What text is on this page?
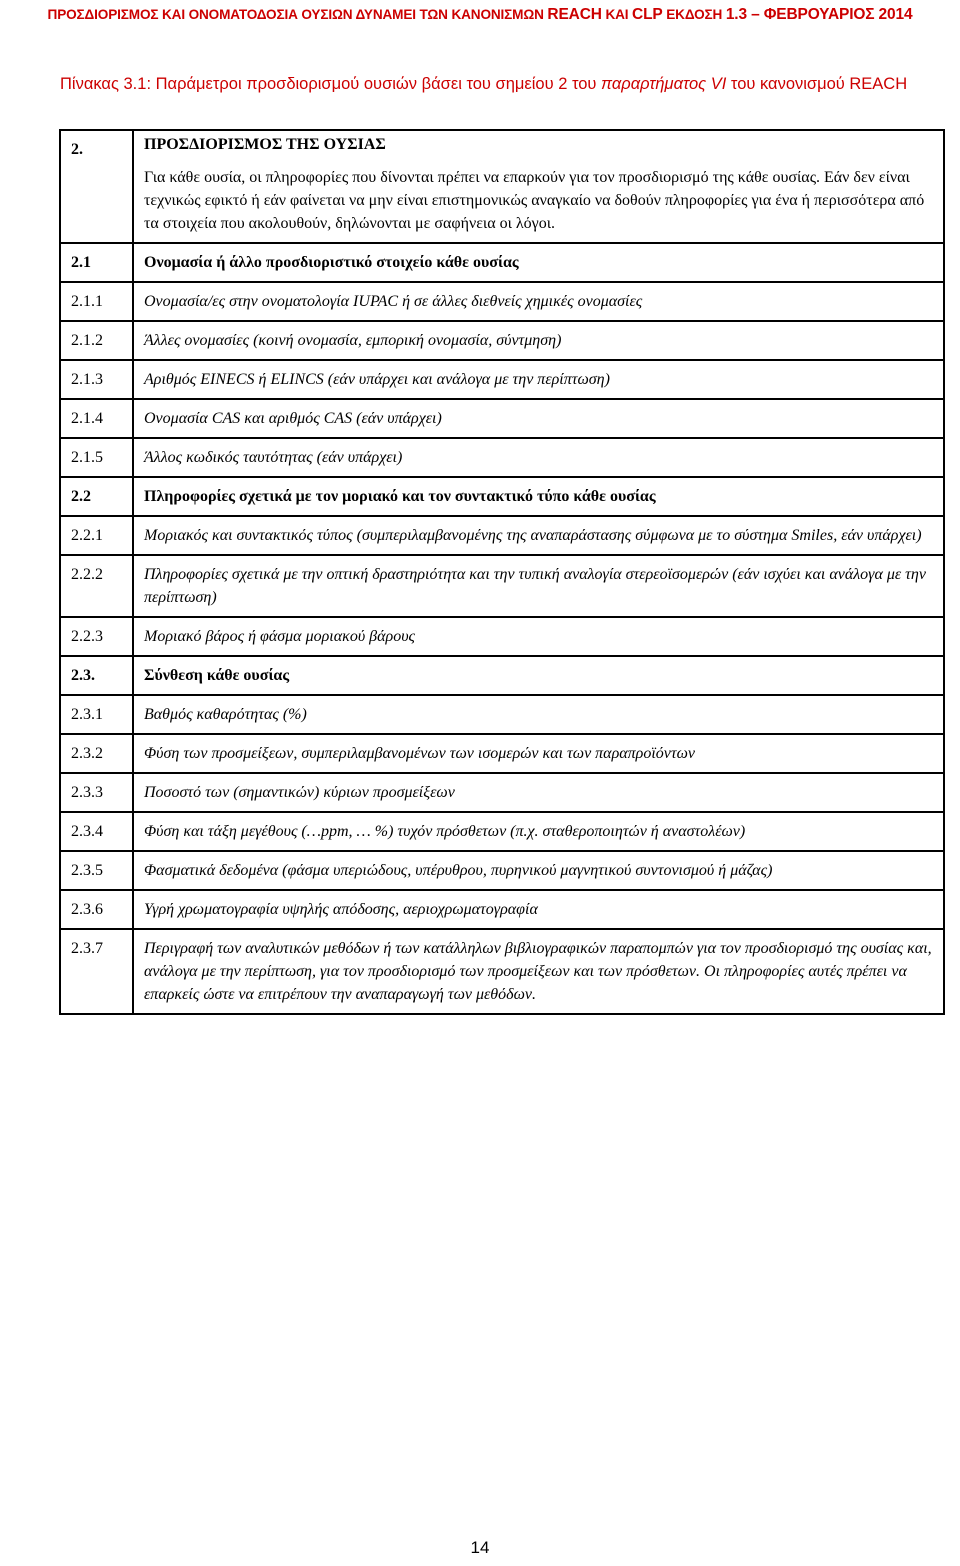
ΠΡΟΣΔΙΟΡΙΣΜΟΣ ΚΑΙ ΟΝΟΜΑΤΟΔΟΣΙΑ ΟΥΣΙΩΝ ΔΥΝΑΜΕΙ ΤΩΝ ΚΑΝΟΝΙΣΜΩΝ REACH ΚΑΙ CLP ΕΚΔΟΣΗ 1.3 – ΦΕΒΡΟΥΑΡΙΟΣ 2014
Πίνακας 3.1: Παράμετροι προσδιορισμού ουσιών βάσει του σημείου 2 του παραρτήματος VI του κανονισμού REACH
2.	ΠΡΟΣΔΙΟΡΙΣΜΟΣ ΤΗΣ ΟΥΣΙΑΣ
Για κάθε ουσία, οι πληροφορίες που δίνονται πρέπει να επαρκούν για τον προσδιορισμό της κάθε ουσίας. Εάν δεν είναι τεχνικώς εφικτό ή εάν φαίνεται να μην είναι επιστημονικώς αναγκαίο να δοθούν πληροφορίες για ένα ή περισσότερα από τα στοιχεία που ακολουθούν, δηλώνονται με σαφήνεια οι λόγοι.
2.1	Ονομασία ή άλλο προσδιοριστικό στοιχείο κάθε ουσίας
2.1.1	Ονομασία/ες στην ονοματολογία IUPAC ή σε άλλες διεθνείς χημικές ονομασίες
2.1.2	Άλλες ονομασίες (κοινή ονομασία, εμπορική ονομασία, σύντμηση)
2.1.3	Αριθμός EINECS ή ELINCS (εάν υπάρχει και ανάλογα με την περίπτωση)
2.1.4	Ονομασία CAS και αριθμός CAS (εάν υπάρχει)
2.1.5	Άλλος κωδικός ταυτότητας (εάν υπάρχει)
2.2	Πληροφορίες σχετικά με τον μοριακό και τον συντακτικό τύπο κάθε ουσίας
2.2.1	Μοριακός και συντακτικός τύπος (συμπεριλαμβανομένης της αναπαράστασης σύμφωνα με το σύστημα Smiles, εάν υπάρχει)
2.2.2	Πληροφορίες σχετικά με την οπτική δραστηριότητα και την τυπική αναλογία στερεοϊσομερών (εάν ισχύει και ανάλογα με την περίπτωση)
2.2.3	Μοριακό βάρος ή φάσμα μοριακού βάρους
2.3.	Σύνθεση κάθε ουσίας
2.3.1	Βαθμός καθαρότητας (%)
2.3.2	Φύση των προσμείξεων, συμπεριλαμβανομένων των ισομερών και των παραπροϊόντων
2.3.3	Ποσοστό των (σημαντικών) κύριων προσμείξεων
2.3.4	Φύση και τάξη μεγέθους (…ppm, … %) τυχόν πρόσθετων (π.χ. σταθεροποιητών ή αναστολέων)
2.3.5	Φασματικά δεδομένα (φάσμα υπεριώδους, υπέρυθρου, πυρηνικού μαγνητικού συντονισμού ή μάζας)
2.3.6	Υγρή χρωματογραφία υψηλής απόδοσης, αεριοχρωματογραφία
2.3.7	Περιγραφή των αναλυτικών μεθόδων ή των κατάλληλων βιβλιογραφικών παραπομπών για τον προσδιορισμό της ουσίας και, ανάλογα με την περίπτωση, για τον προσδιορισμό των προσμείξεων και των πρόσθετων. Οι πληροφορίες αυτές πρέπει να επαρκείς ώστε να επιτρέπουν την αναπαραγωγή των μεθόδων.
14
